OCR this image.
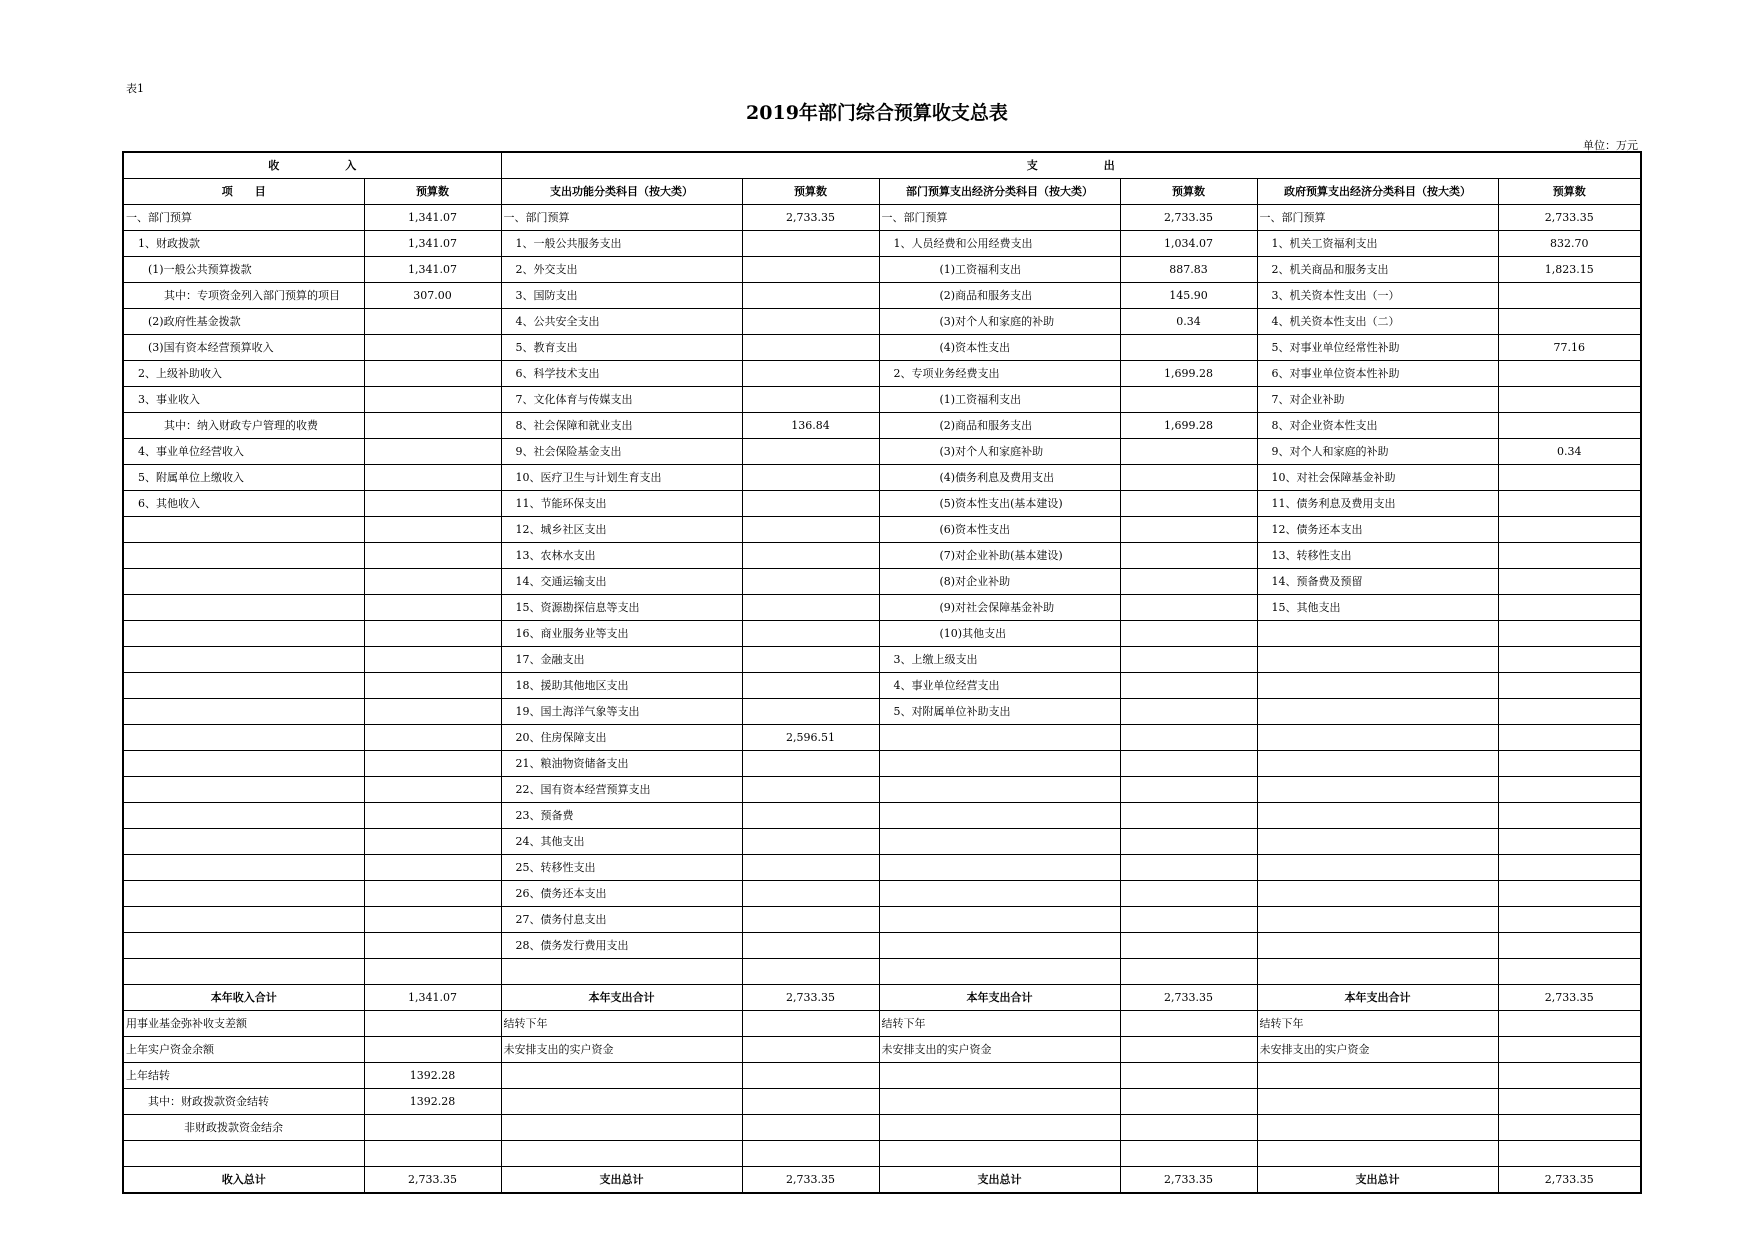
表1
2019年部门综合预算收支总表
单位：万元
收　　　　　　入		支　　　　　　出					
项　　目	预算数	支出功能分类科目（按大类）	预算数	部门预算支出经济分类科目（按大类）	预算数	政府预算支出经济分类科目（按大类）	预算数
一、部门预算	1,341.07	一、部门预算	2,733.35	一、部门预算	2,733.35	一、部门预算	2,733.35
1、财政拨款	1,341.07	1、一般公共服务支出		1、人员经费和公用经费支出	1,034.07	1、机关工资福利支出	832.70
(1)一般公共预算拨款	1,341.07	2、外交支出		(1)工资福利支出	887.83	2、机关商品和服务支出	1,823.15
其中：专项资金列入部门预算的项目	307.00	3、国防支出		(2)商品和服务支出	145.90	3、机关资本性支出（一）	
(2)政府性基金拨款		4、公共安全支出		(3)对个人和家庭的补助	0.34	4、机关资本性支出（二）	
(3)国有资本经营预算收入		5、教育支出		(4)资本性支出		5、对事业单位经常性补助	77.16
2、上级补助收入		6、科学技术支出		2、专项业务经费支出	1,699.28	6、对事业单位资本性补助	
3、事业收入		7、文化体育与传媒支出		(1)工资福利支出		7、对企业补助	
其中：纳入财政专户管理的收费		8、社会保障和就业支出	136.84	(2)商品和服务支出	1,699.28	8、对企业资本性支出	
4、事业单位经营收入		9、社会保险基金支出		(3)对个人和家庭补助		9、对个人和家庭的补助	0.34
5、附属单位上缴收入		10、医疗卫生与计划生育支出		(4)债务利息及费用支出		10、对社会保障基金补助	
6、其他收入		11、节能环保支出		(5)资本性支出(基本建设)		11、债务利息及费用支出	
		12、城乡社区支出		(6)资本性支出		12、债务还本支出	
		13、农林水支出		(7)对企业补助(基本建设)		13、转移性支出	
		14、交通运输支出		(8)对企业补助		14、预备费及预留	
		15、资源勘探信息等支出		(9)对社会保障基金补助		15、其他支出	
		16、商业服务业等支出		(10)其他支出			
		17、金融支出		3、上缴上级支出			
		18、援助其他地区支出		4、事业单位经营支出			
		19、国土海洋气象等支出		5、对附属单位补助支出			
		20、住房保障支出	2,596.51				
		21、粮油物资储备支出					
		22、国有资本经营预算支出					
		23、预备费					
		24、其他支出					
		25、转移性支出					
		26、债务还本支出					
		27、债务付息支出					
		28、债务发行费用支出					

本年收入合计	1,341.07	本年支出合计	2,733.35	本年支出合计	2,733.35	本年支出合计	2,733.35
用事业基金弥补收支差额		结转下年		结转下年		结转下年	
上年实户资金余额		未安排支出的实户资金		未安排支出的实户资金		未安排支出的实户资金	
上年结转	1392.28						
其中：财政拨款资金结转	1392.28						
非财政拨款资金结余							

收入总计	2,733.35	支出总计	2,733.35	支出总计	2,733.35	支出总计	2,733.35
